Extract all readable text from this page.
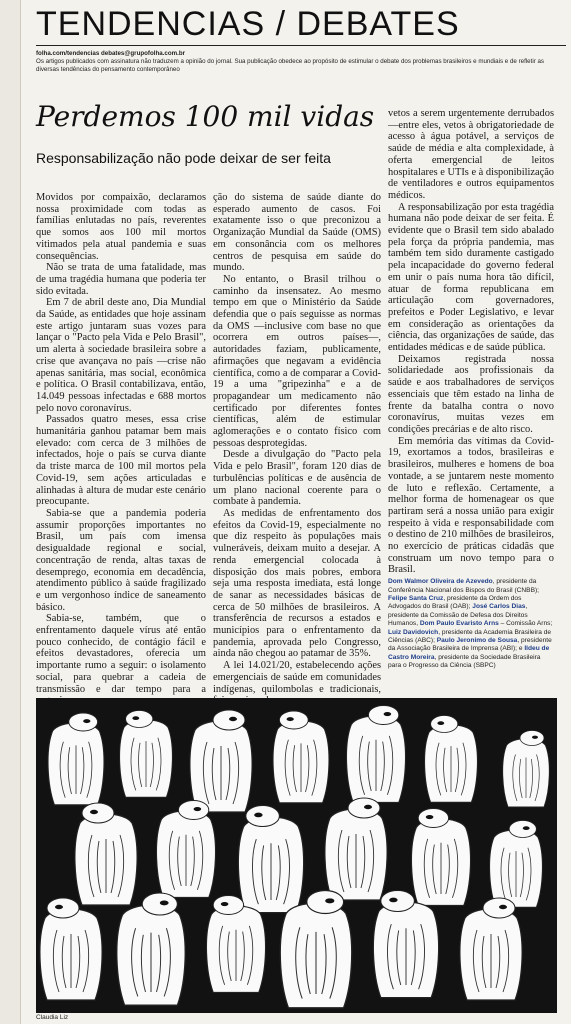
TENDENCIAS / DEBATES
folha.com/tendencias debates@grupofolha.com.br
Os artigos publicados com assinatura não traduzem a opinião do jornal. Sua publicação obedece ao propósito de estimular o debate dos problemas brasileiros e mundiais e de refletir as diversas tendências do pensamento contemporâneo
Perdemos 100 mil vidas
Responsabilização não pode deixar de ser feita

Movidos por compaixão, declaramos nossa proximidade com todas as famílias enlutadas no país, reverentes que somos aos 100 mil mortos vitimados pela atual pandemia e suas consequências.

Não se trata de uma fatalidade, mas de uma tragédia humana que poderia ter sido evitada.

Em 7 de abril deste ano, Dia Mundial da Saúde, as entidades que hoje assinam este artigo juntaram suas vozes para lançar o "Pacto pela Vida e Pelo Brasil", um alerta à sociedade brasileira sobre a crise que avançava no país —crise não apenas sanitária, mas social, econômica e política. O Brasil contabilizava, então, 14.049 pessoas infectadas e 688 mortos pelo novo coronavírus.

Passados quatro meses, essa crise humanitária ganhou patamar bem mais elevado: com cerca de 3 milhões de infectados, hoje o país se curva diante da triste marca de 100 mil mortos pela Covid-19, sem ações articuladas e alinhadas à altura de mudar este cenário preocupante.

Sabia-se que a pandemia poderia assumir proporções importantes no Brasil, um país com imensa desigualdade regional e social, concentração de renda, altas taxas de desemprego, economia em decadência, atendimento público à saúde fragilizado e um vergonhoso índice de saneamento básico.

Sabia-se, também, que o enfrentamento daquele vírus até então pouco conhecido, de contágio fácil e efeitos devastadores, oferecia um importante rumo a seguir: o isolamento social, para quebrar a cadeia de transmissão e dar tempo para a

ção do sistema de saúde diante do esperado aumento de casos. Foi exatamente isso o que preconizou a Organização Mundial da Saúde (OMS) em consonância com os melhores centros de pesquisa em saúde do mundo.

No entanto, o Brasil trilhou o caminho da insensatez. Ao mesmo tempo em que o Ministério da Saúde defendia que o país seguisse as normas da OMS —inclusive com base no que ocorrera em outros países—, autoridades faziam, publicamente, afirmações que negavam a evidência científica, como a de comparar a Covid-19 a uma "gripezinha" e a de propagandear um medicamento não certificado por diferentes fontes científicas, além de estimular aglomerações e o contato físico com pessoas desprotegidas.

Desde a divulgação do "Pacto pela Vida e pelo Brasil", foram 120 dias de turbulências políticas e de ausência de um plano nacional coerente para o combate à pandemia.

As medidas de enfrentamento dos efeitos da Covid-19, especialmente no que diz respeito às populações mais vulneráveis, deixam muito a desejar. A renda emergencial colocada à disposição dos mais pobres, embora seja uma resposta imediata, está longe de sanar as necessidades básicas de cerca de 50 milhões de brasileiros. A transferência de recursos a estados e municípios para o enfrentamento da pandemia, aprovada pelo Congresso, ainda não chegou ao patamar de 35%.

A lei 14.021/20, estabelecendo ações emergenciais de saúde em comunidades indígenas, quilombolas e tradicionais,

vetos a serem urgentemente derrubados —entre eles, vetos à obrigatoriedade de acesso à água potável, a serviços de saúde de média e alta complexidade, à oferta emergencial de leitos hospitalares e UTIs e à disponibilização de ventiladores e outros equipamentos médicos.

A responsabilização por esta tragédia humana não pode deixar de ser feita. É evidente que o Brasil tem sido abalado pela força da própria pandemia, mas também tem sido duramente castigado pela incapacidade do governo federal em unir o país numa hora tão difícil, atuar de forma republicana em articulação com governadores, prefeitos e Poder Legislativo, e levar em consideração as orientações da ciência, das organizações de saúde, das entidades médicas e de saúde pública.

Deixamos registrada nossa solidariedade aos profissionais da saúde e aos trabalhadores de serviços essenciais que têm estado na linha de frente da batalha contra o novo coronavírus, muitas vezes em condições precárias e de alto risco.

Em memória das vítimas da Covid-19, exortamos a todos, brasileiras e brasileiros, mulheres e homens de boa vontade, a se juntarem neste momento de luto e reflexão. Certamente, a melhor forma de homenagear os que partiram será a nossa união para exigir respeito à vida e responsabilidade com o destino de 210 milhões de brasileiros, no exercício de práticas cidadãs que construam um novo tempo para o Brasil.

Dom Walmor Oliveira de Azevedo, presidente da Conferência Nacional dos Bispos do Brasil (CNBB); Felipe Santa Cruz, presidente da Ordem dos Advogados do Brasil (OAB); José Carlos Dias, presidente da Comissão de Defesa dos Direitos Humanos, Dom Paulo Evaristo Arns – Comissão Arns; Luiz Davidovich, presidente da Academia Brasileira de Ciências (ABC); Paulo Jeronimo de Sousa, presidente da Associação Brasileira de Imprensa (ABI); e Ildeu de Castro Moreira, presidente da Sociedade Brasileira para o Progresso da Ciência (SBPC)
Claudia Liz
